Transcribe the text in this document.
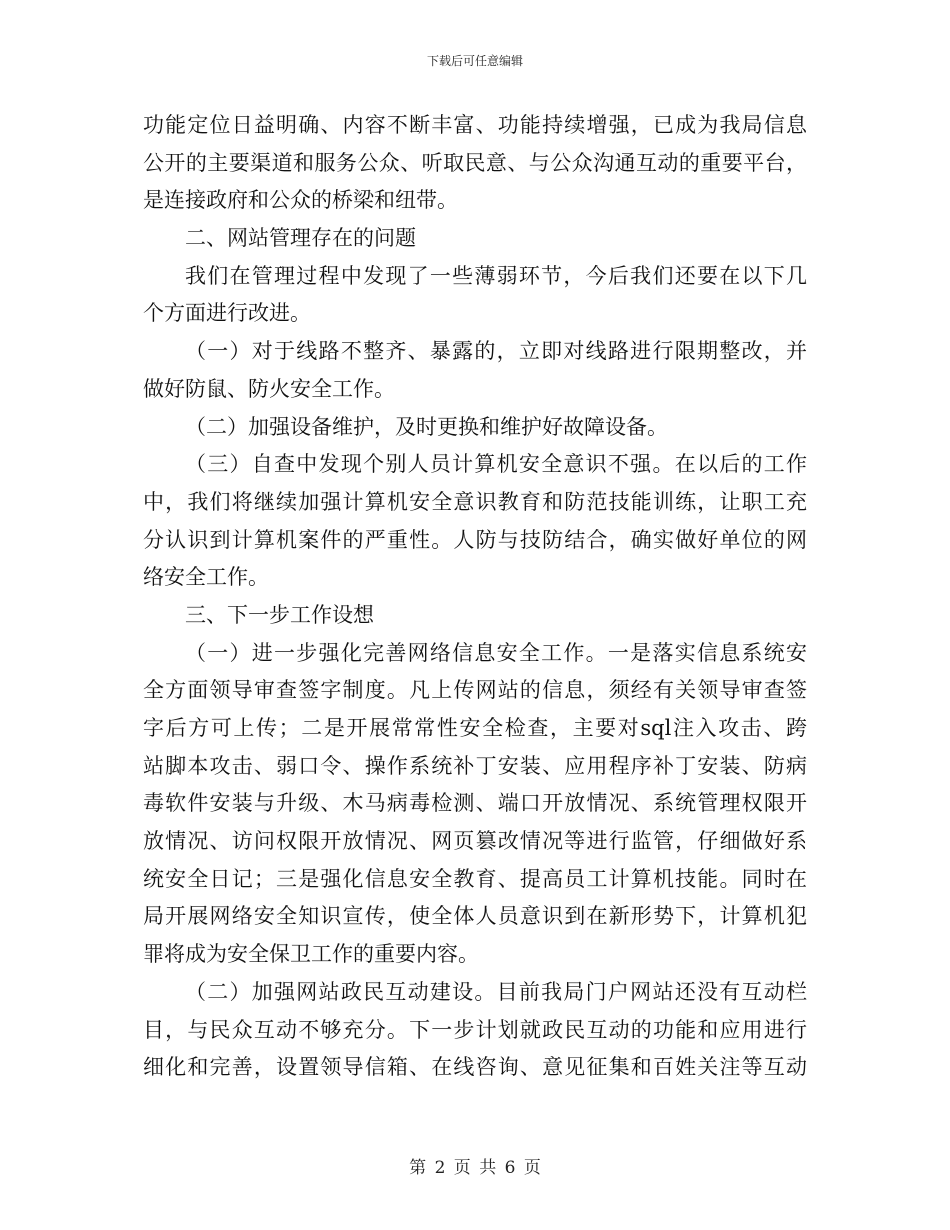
下载后可任意编辑
功能定位日益明确、内容不断丰富、功能持续增强，已成为我局信息
公开的主要渠道和服务公众、听取民意、与公众沟通互动的重要平台，
是连接政府和公众的桥梁和纽带。
二、网站管理存在的问题
我们在管理过程中发现了一些薄弱环节，今后我们还要在以下几
个方面进行改进。
（一）对于线路不整齐、暴露的，立即对线路进行限期整改，并
做好防鼠、防火安全工作。
（二）加强设备维护，及时更换和维护好故障设备。
（三）自查中发现个别人员计算机安全意识不强。在以后的工作
中，我们将继续加强计算机安全意识教育和防范技能训练，让职工充
分认识到计算机案件的严重性。人防与技防结合，确实做好单位的网
络安全工作。
三、下一步工作设想
（一）进一步强化完善网络信息安全工作。一是落实信息系统安
全方面领导审查签字制度。凡上传网站的信息，须经有关领导审查签
字后方可上传；二是开展常常性安全检查，主要对sql注入攻击、跨
站脚本攻击、弱口令、操作系统补丁安装、应用程序补丁安装、防病
毒软件安装与升级、木马病毒检测、端口开放情况、系统管理权限开
放情况、访问权限开放情况、网页篡改情况等进行监管，仔细做好系
统安全日记；三是强化信息安全教育、提高员工计算机技能。同时在
局开展网络安全知识宣传，使全体人员意识到在新形势下，计算机犯
罪将成为安全保卫工作的重要内容。
（二）加强网站政民互动建设。目前我局门户网站还没有互动栏
目，与民众互动不够充分。下一步计划就政民互动的功能和应用进行
细化和完善，设置领导信箱、在线咨询、意见征集和百姓关注等互动
第 2 页 共 6 页
